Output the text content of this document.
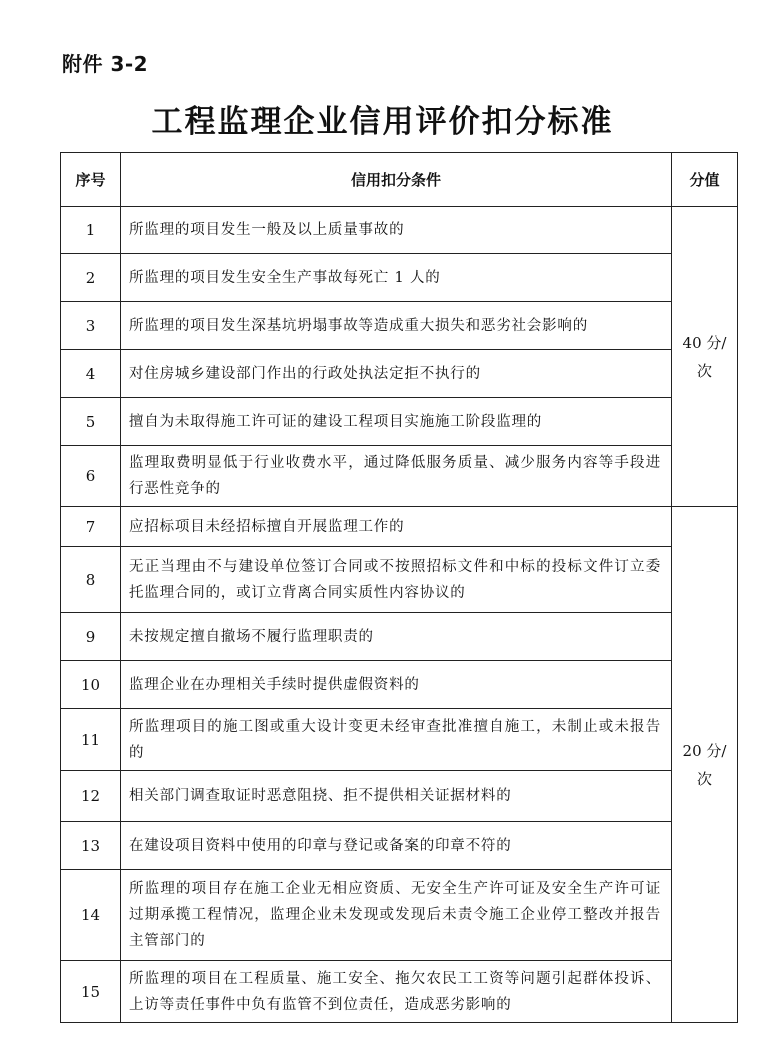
附件 3-2
工程监理企业信用评价扣分标准
序号	信用扣分条件	分值
1	所监理的项目发生一般及以上质量事故的	40 分/
次

2	所监理的项目发生安全生产事故每死亡 1 人的	
3	所监理的项目发生深基坑坍塌事故等造成重大损失和恶劣社会影响的	
4	对住房城乡建设部门作出的行政处执法定拒不执行的	
5	擅自为未取得施工许可证的建设工程项目实施施工阶段监理的	
6	监理取费明显低于行业收费水平，通过降低服务质量、减少服务内容等手段进行恶性竞争的	
7	应招标项目未经招标擅自开展监理工作的	20 分/
次

8	无正当理由不与建设单位签订合同或不按照招标文件和中标的投标文件订立委托监理合同的，或订立背离合同实质性内容协议的	
9	未按规定擅自撤场不履行监理职责的	
10	监理企业在办理相关手续时提供虚假资料的	
11	所监理项目的施工图或重大设计变更未经审查批准擅自施工，未制止或未报告的	
12	相关部门调查取证时恶意阻挠、拒不提供相关证据材料的	
13	在建设项目资料中使用的印章与登记或备案的印章不符的	
14	所监理的项目存在施工企业无相应资质、无安全生产许可证及安全生产许可证过期承揽工程情况，监理企业未发现或发现后未责令施工企业停工整改并报告主管部门的	
15	所监理的项目在工程质量、施工安全、拖欠农民工工资等问题引起群体投诉、上访等责任事件中负有监管不到位责任，造成恶劣影响的	
